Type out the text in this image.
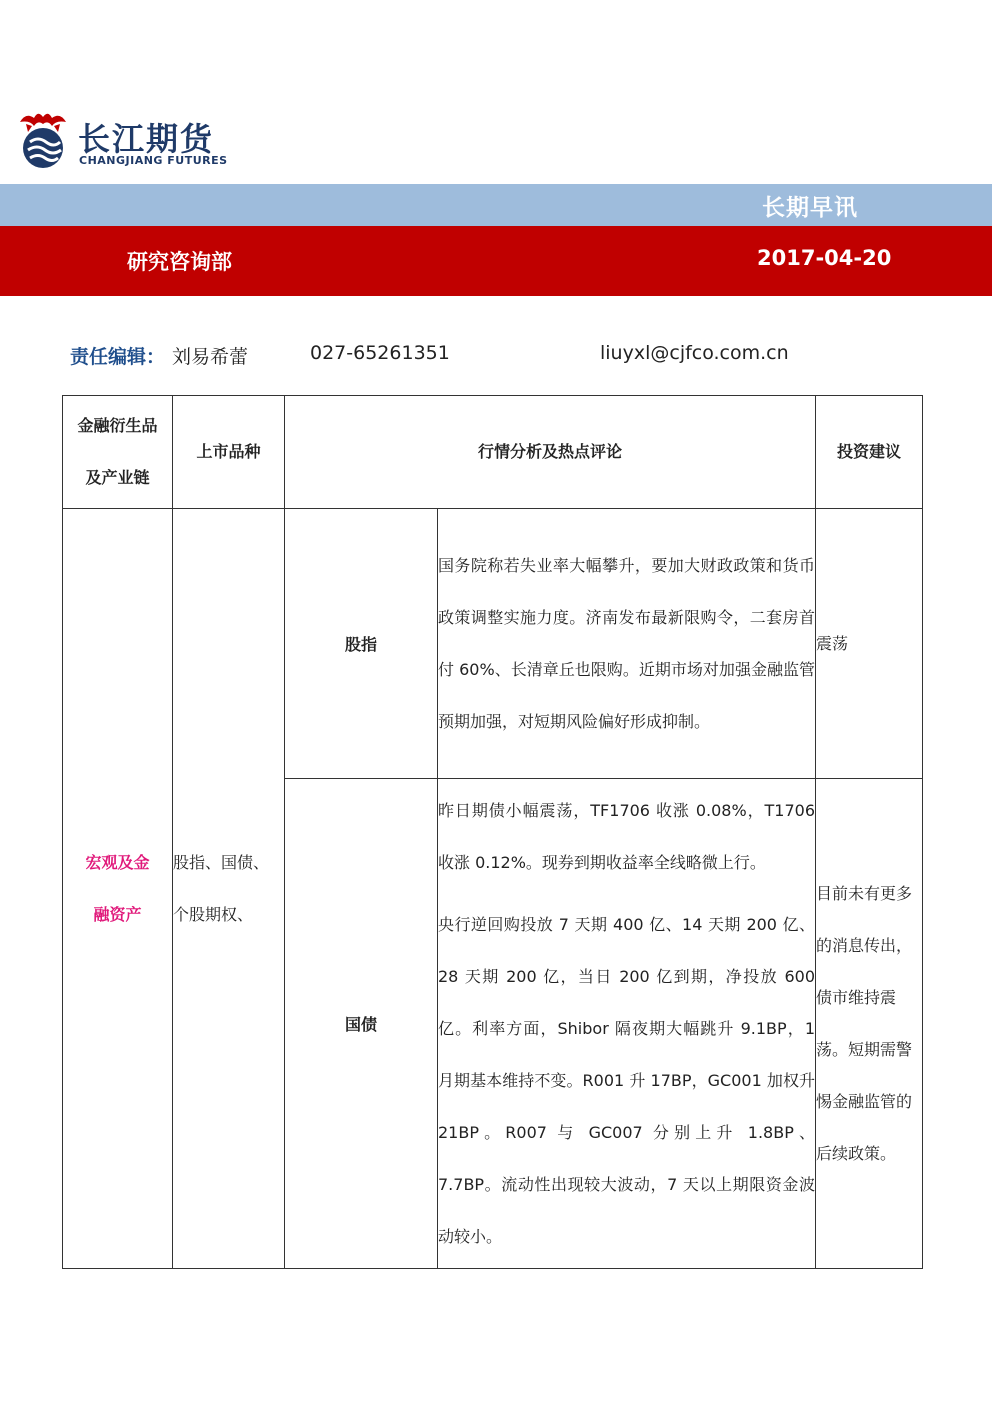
长江期货
CHANGJIANG FUTURES
长期早讯
研究咨询部	2017-04-20
责任编辑： 刘易希蕾	027-65261351	liuyxl@cjfco.com.cn
金融衍生品及产业链	上市品种	行情分析及热点评论		投资建议
宏观及金融资产	股指、国债、个股期权、	股指	国务院称若失业率大幅攀升，要加大财政政策和货币政策调整实施力度。济南发布最新限购令，二套房首付 60%、长清章丘也限购。近期市场对加强金融监管预期加强，对短期风险偏好形成抑制。	震荡
		国债	昨日期债小幅震荡，TF1706 收涨 0.08%，T1706 收涨 0.12%。现券到期收益率全线略微上行。
央行逆回购投放 7 天期 400 亿、14 天期 200 亿、28 天期 200 亿，当日 200 亿到期，净投放 600 亿。利率方面，Shibor 隔夜期大幅跳升 9.1BP，1 月期基本维持不变。R001 升 17BP，GC001 加权升 21BP。R007 与 GC007 分别上升 1.8BP、7.7BP。流动性出现较大波动，7 天以上期限资金波动较小。	目前未有更多的消息传出，债市维持震荡。短期需警惕金融监管的后续政策。
